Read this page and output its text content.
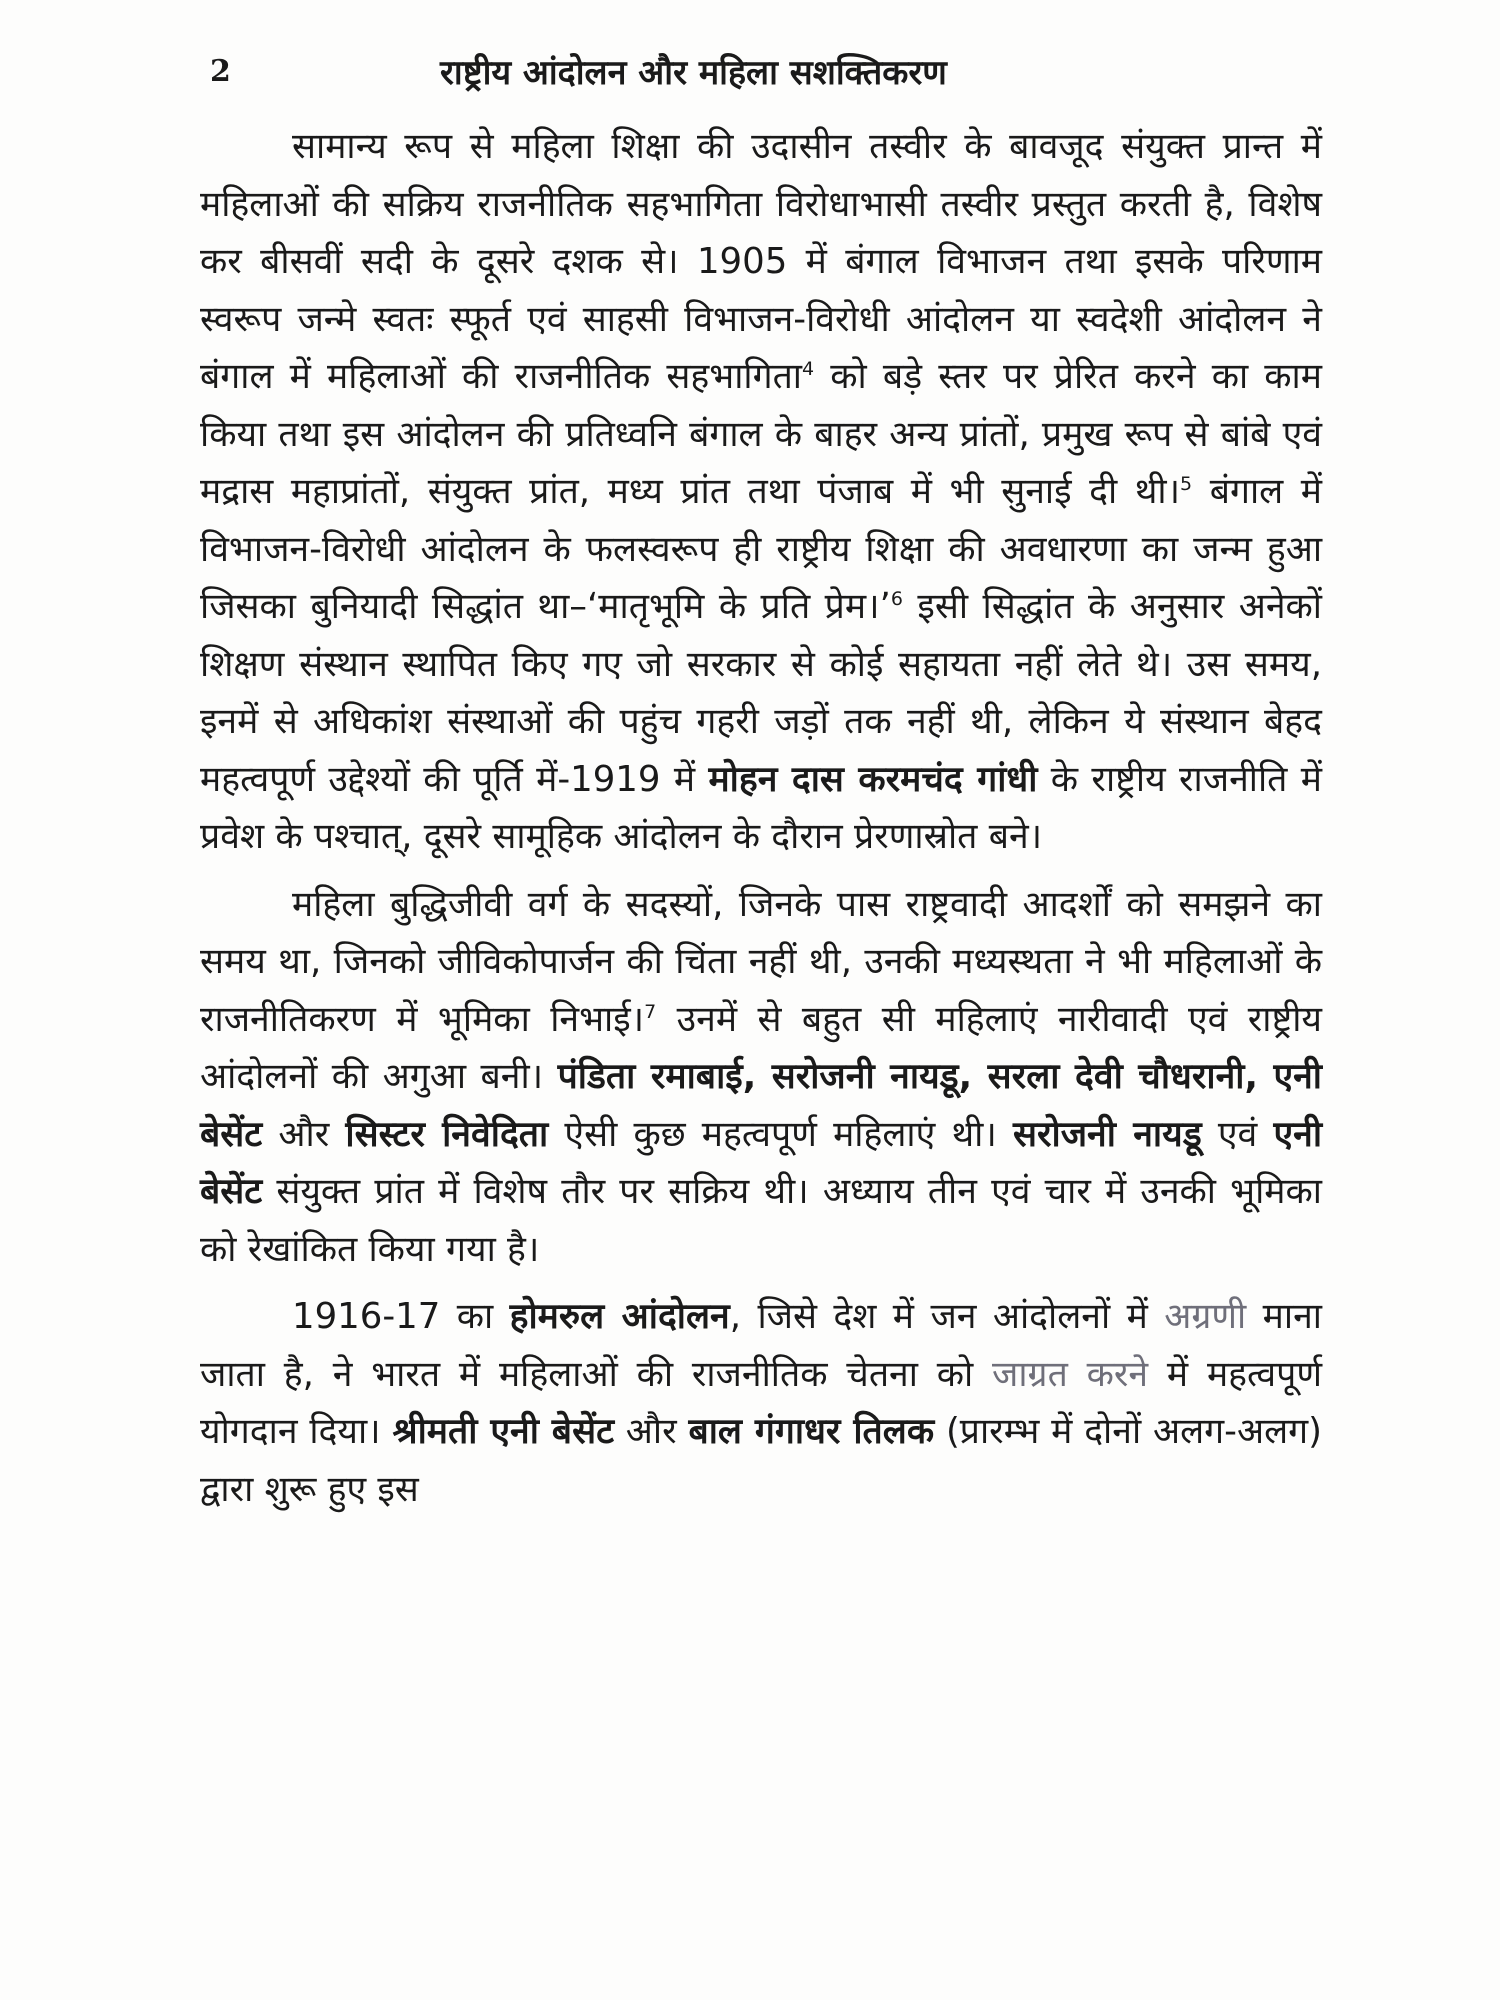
2	राष्ट्रीय आंदोलन और महिला सशक्तिकरण

सामान्य रूप से महिला शिक्षा की उदासीन तस्वीर के बावजूद संयुक्त प्रान्त में महिलाओं की सक्रिय राजनीतिक सहभागिता विरोधाभासी तस्वीर प्रस्तुत करती है, विशेष कर बीसवीं सदी के दूसरे दशक से। 1905 में बंगाल विभाजन तथा इसके परिणाम स्वरूप जन्मे स्वतः स्फूर्त एवं साहसी विभाजन-विरोधी आंदोलन या स्वदेशी आंदोलन ने बंगाल में महिलाओं की राजनीतिक सहभागिता$^4$ को बड़े स्तर पर प्रेरित करने का काम किया तथा इस आंदोलन की प्रतिध्वनि बंगाल के बाहर अन्य प्रांतों, प्रमुख रूप से बांबे एवं मद्रास महाप्रांतों, संयुक्त प्रांत, मध्य प्रांत तथा पंजाब में भी सुनाई दी थी।$^5$ बंगाल में विभाजन-विरोधी आंदोलन के फलस्वरूप ही राष्ट्रीय शिक्षा की अवधारणा का जन्म हुआ जिसका बुनियादी सिद्धांत था–‘मातृभूमि के प्रति प्रेम।’$^6$ इसी सिद्धांत के अनुसार अनेकों शिक्षण संस्थान स्थापित किए गए जो सरकार से कोई सहायता नहीं लेते थे। उस समय, इनमें से अधिकांश संस्थाओं की पहुंच गहरी जड़ों तक नहीं थी, लेकिन ये संस्थान बेहद महत्वपूर्ण उद्देश्यों की पूर्ति में-1919 में मोहन दास करमचंद गांधी के राष्ट्रीय राजनीति में प्रवेश के पश्चात्, दूसरे सामूहिक आंदोलन के दौरान प्रेरणास्रोत बने।

महिला बुद्धिजीवी वर्ग के सदस्यों, जिनके पास राष्ट्रवादी आदर्शों को समझने का समय था, जिनको जीविकोपार्जन की चिंता नहीं थी, उनकी मध्यस्थता ने भी महिलाओं के राजनीतिकरण में भूमिका निभाई।$^7$ उनमें से बहुत सी महिलाएं नारीवादी एवं राष्ट्रीय आंदोलनों की अगुआ बनी। पंडिता रमाबाई, सरोजनी नायडू, सरला देवी चौधरानी, एनी बेसेंट और सिस्टर निवेदिता ऐसी कुछ महत्वपूर्ण महिलाएं थी। सरोजनी नायडू एवं एनी बेसेंट संयुक्त प्रांत में विशेष तौर पर सक्रिय थी। अध्याय तीन एवं चार में उनकी भूमिका को रेखांकित किया गया है।

1916-17 का होमरुल आंदोलन, जिसे देश में जन आंदोलनों में अग्रणी माना जाता है, ने भारत में महिलाओं की राजनीतिक चेतना को जाग्रत करने में महत्वपूर्ण योगदान दिया। श्रीमती एनी बेसेंट और बाल गंगाधर तिलक (प्रारम्भ में दोनों अलग-अलग) द्वारा शुरू हुए इस
